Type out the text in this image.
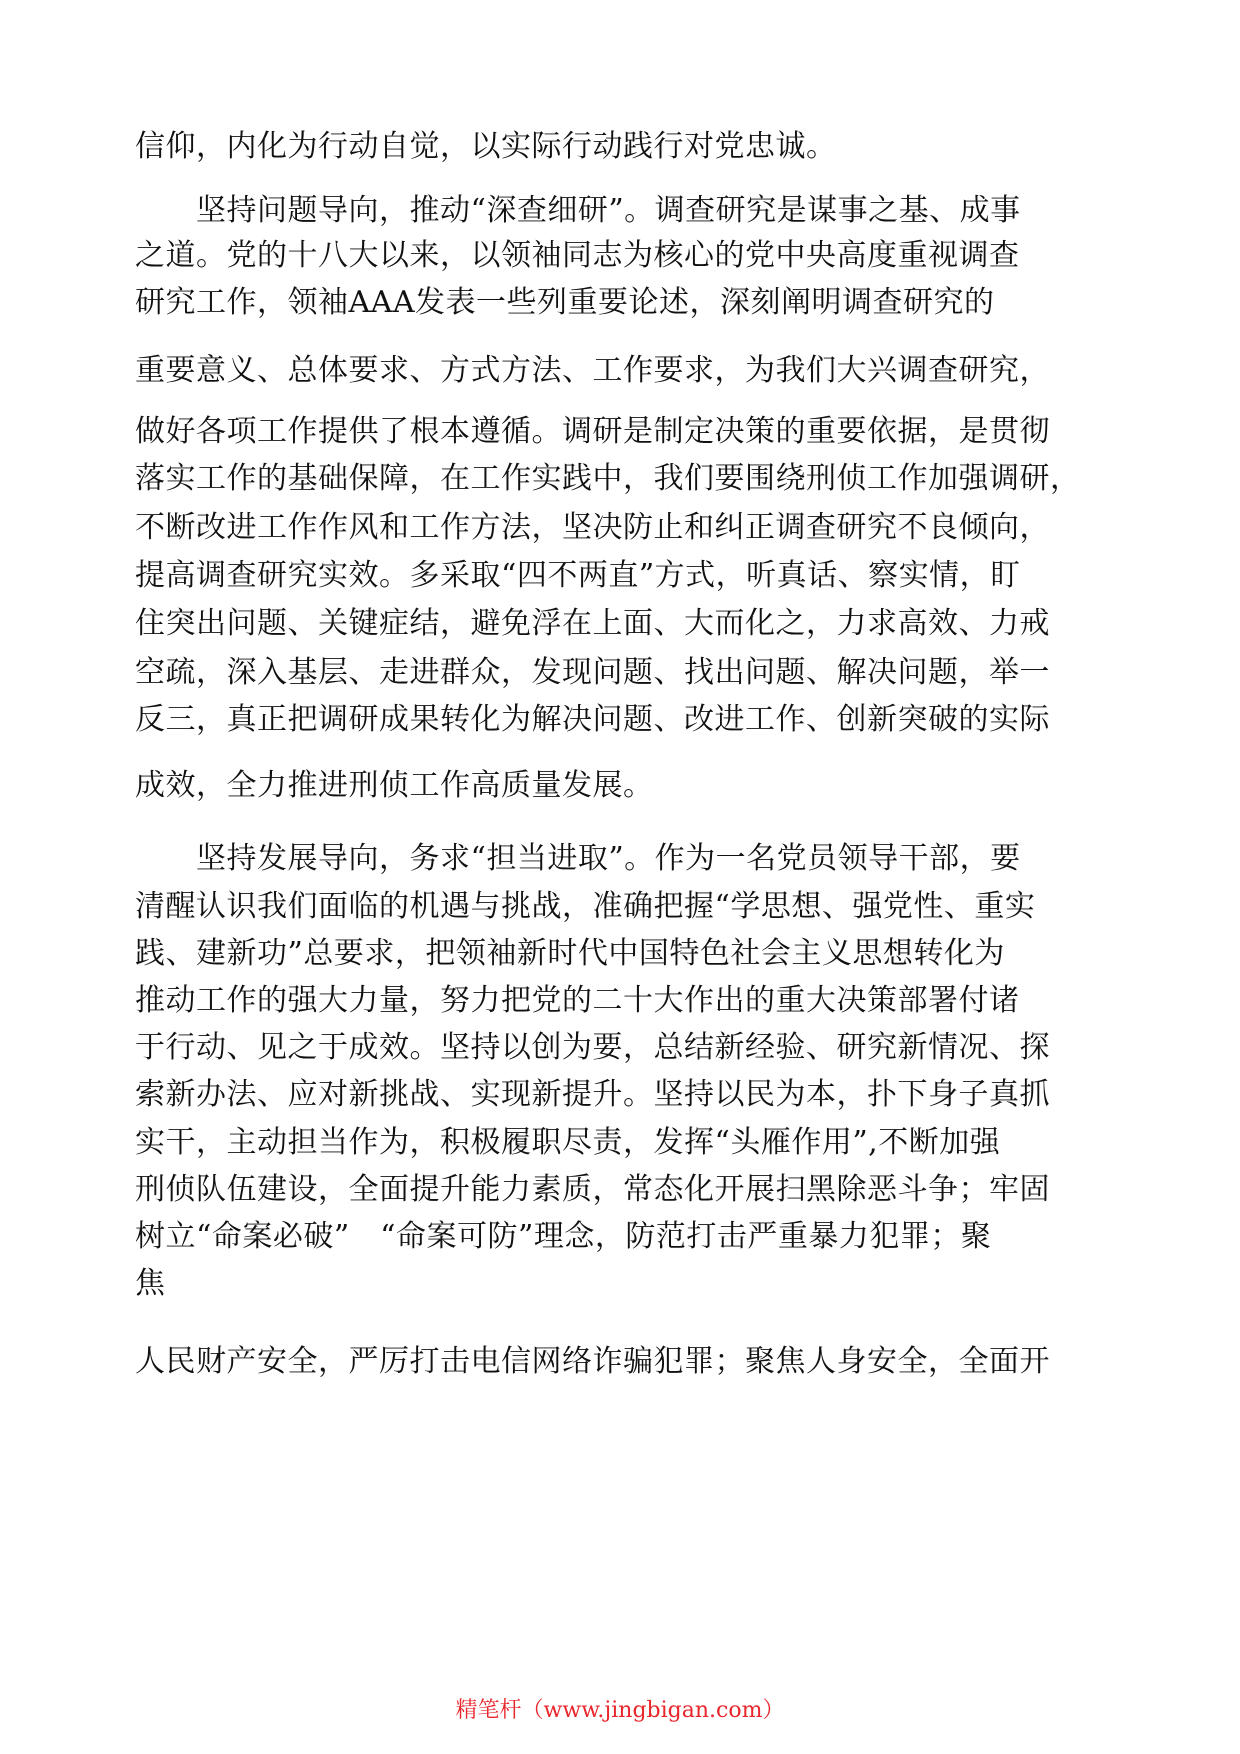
信仰，内化为行动自觉，以实际行动践行对党忠诚。
坚持问题导向，推动“深查细研”。调查研究是谋事之基、成事
之道。党的十八大以来，以领袖同志为核心的党中央高度重视调查
研究工作，领袖AAA发表一些列重要论述，深刻阐明调查研究的
重要意义、总体要求、方式方法、工作要求，为我们大兴调查研究，
做好各项工作提供了根本遵循。调研是制定决策的重要依据，是贯彻
落实工作的基础保障，在工作实践中，我们要围绕刑侦工作加强调研，
不断改进工作作风和工作方法，坚决防止和纠正调查研究不良倾向，
提高调查研究实效。多采取“四不两直”方式，听真话、察实情，盯
住突出问题、关键症结，避免浮在上面、大而化之，力求高效、力戒
空疏，深入基层、走进群众，发现问题、找出问题、解决问题，举一
反三，真正把调研成果转化为解决问题、改进工作、创新突破的实际
成效，全力推进刑侦工作高质量发展。
坚持发展导向，务求“担当进取”。作为一名党员领导干部，要
清醒认识我们面临的机遇与挑战，准确把握“学思想、强党性、重实
践、建新功”总要求，把领袖新时代中国特色社会主义思想转化为
推动工作的强大力量，努力把党的二十大作出的重大决策部署付诸
于行动、见之于成效。坚持以创为要，总结新经验、研究新情况、探
索新办法、应对新挑战、实现新提升。坚持以民为本，扑下身子真抓
实干，主动担当作为，积极履职尽责，发挥“头雁作用”,不断加强
刑侦队伍建设，全面提升能力素质，常态化开展扫黑除恶斗争；牢固
树立“命案必破”　“命案可防”理念，防范打击严重暴力犯罪；聚
焦
人民财产安全，严厉打击电信网络诈骗犯罪；聚焦人身安全，全面开
精笔杆（www.jingbigan.com）
